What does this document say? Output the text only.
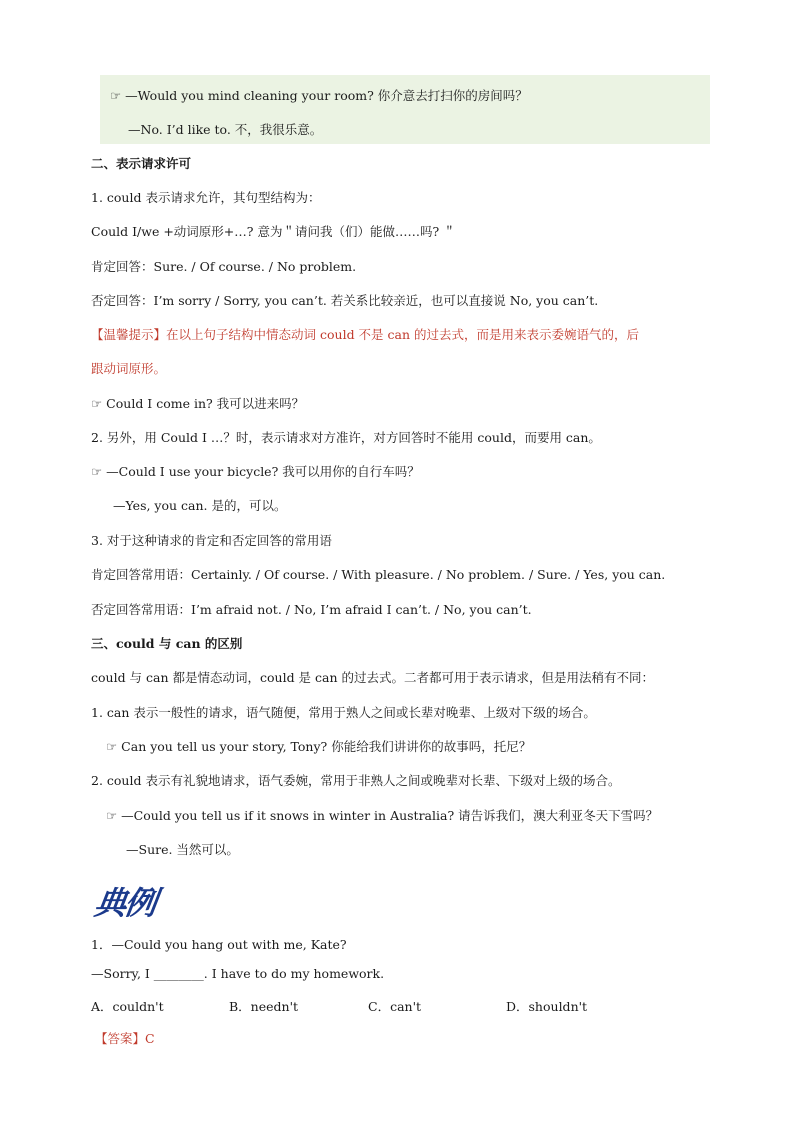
☞ —Would you mind cleaning your room? 你介意去打扫你的房间吗？
—No. I’d like to. 不，我很乐意。
二、表示请求许可
1. could 表示请求允许，其句型结构为：
Could I/we +动词原形+…? 意为＂请问我（们）能做……吗? ＂
肯定回答：Sure. / Of course. / No problem.
否定回答：I’m sorry / Sorry, you can’t. 若关系比较亲近，也可以直接说 No, you can’t.
【温馨提示】在以上句子结构中情态动词 could 不是 can 的过去式，而是用来表示委婉语气的，后
跟动词原形。
☞ Could I come in? 我可以进来吗？
2. 另外，用 Could I …？时，表示请求对方准许，对方回答时不能用 could，而要用 can。
☞ —Could I use your bicycle? 我可以用你的自行车吗？
—Yes, you can. 是的，可以。
3. 对于这种请求的肯定和否定回答的常用语
肯定回答常用语：Certainly. / Of course. / With pleasure. / No problem. / Sure. / Yes, you can.
否定回答常用语：I’m afraid not. / No, I’m afraid I can’t. / No, you can’t.
三、could 与 can 的区别
could 与 can 都是情态动词，could 是 can 的过去式。二者都可用于表示请求，但是用法稍有不同：
1. can 表示一般性的请求，语气随便，常用于熟人之间或长辈对晚辈、上级对下级的场合。
☞ Can you tell us your story, Tony? 你能给我们讲讲你的故事吗，托尼？
2. could 表示有礼貌地请求，语气委婉，常用于非熟人之间或晚辈对长辈、下级对上级的场合。
☞ —Could you tell us if it snows in winter in Australia? 请告诉我们，澳大利亚冬天下雪吗？
—Sure. 当然可以。
典例
1．—Could you hang out with me, Kate?
—Sorry, I ________. I have to do my homework.
A．couldn't	B．needn't	C．can't	D．shouldn't
【答案】C
